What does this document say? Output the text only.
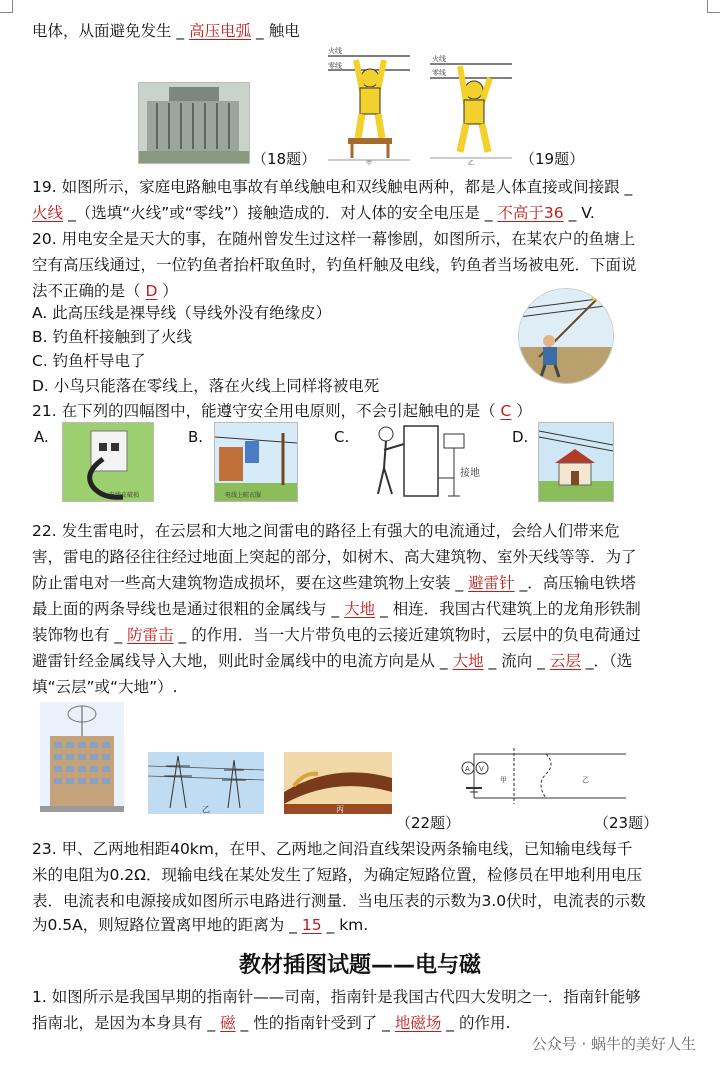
电体，从面避免发生 _ 高压电弧 _ 触电
（18题）
火线
零线
甲
火线
零线
乙	（19题）
19. 如图所示，家庭电路触电事故有单线触电和双线触电两种，都是人体直接或间接跟 _
火线 _（选填“火线”或“零线”）接触造成的．对人体的安全电压是 _ 不高于36 _ V.
20. 用电安全是天大的事，在随州曾发生过这样一幕惨剧，如图所示，在某农户的鱼塘上
空有高压线通过，一位钓鱼者抬杆取鱼时，钓鱼杆触及电线，钓鱼者当场被电死．下面说
法不正确的是（ D ）
A. 此高压线是裸导线（导线外没有绝缘皮）
B. 钓鱼杆接触到了火线
C. 钓鱼杆导电了
D. 小鸟只能落在零线上，落在火线上同样将被电死
21. 在下列的四幅图中，能遵守安全用电原则，不会引起触电的是（ C ）
A.
电线皮破损
B.
电线上晾衣服
C.
接地
D.
22. 发生雷电时，在云层和大地之间雷电的路径上有强大的电流通过，会给人们带来危
害，雷电的路径往往经过地面上突起的部分，如树木、高大建筑物、室外天线等等．为了
防止雷电对一些高大建筑物造成损坏，要在这些建筑物上安装 _ 避雷针 _．高压输电铁塔
最上面的两条导线也是通过很粗的金属线与 _ 大地 _ 相连．我国古代建筑上的龙角形铁制
装饰物也有 _ 防雷击 _ 的作用．当一大片带负电的云接近建筑物时，云层中的负电荷通过
避雷针经金属线导入大地，则此时金属线中的电流方向是从 _ 大地 _ 流向 _ 云层 _．（选
填“云层”或“大地”）.
乙	丙
（22题）
A V
甲	乙
（23题）
23. 甲、乙两地相距40km，在甲、乙两地之间沿直线架设两条输电线，已知输电线每千
米的电阻为0.2Ω．现输电线在某处发生了短路，为确定短路位置，检修员在甲地利用电压
表．电流表和电源接成如图所示电路进行测量．当电压表的示数为3.0伏时，电流表的示数
为0.5A，则短路位置离甲地的距离为 _ 15 _ km.
教材插图试题——电与磁
1. 如图所示是我国早期的指南针——司南，指南针是我国古代四大发明之一．指南针能够
指南北，是因为本身具有 _ 磁 _ 性的指南针受到了 _ 地磁场 _ 的作用.
公众号 · 蜗牛的美好人生
